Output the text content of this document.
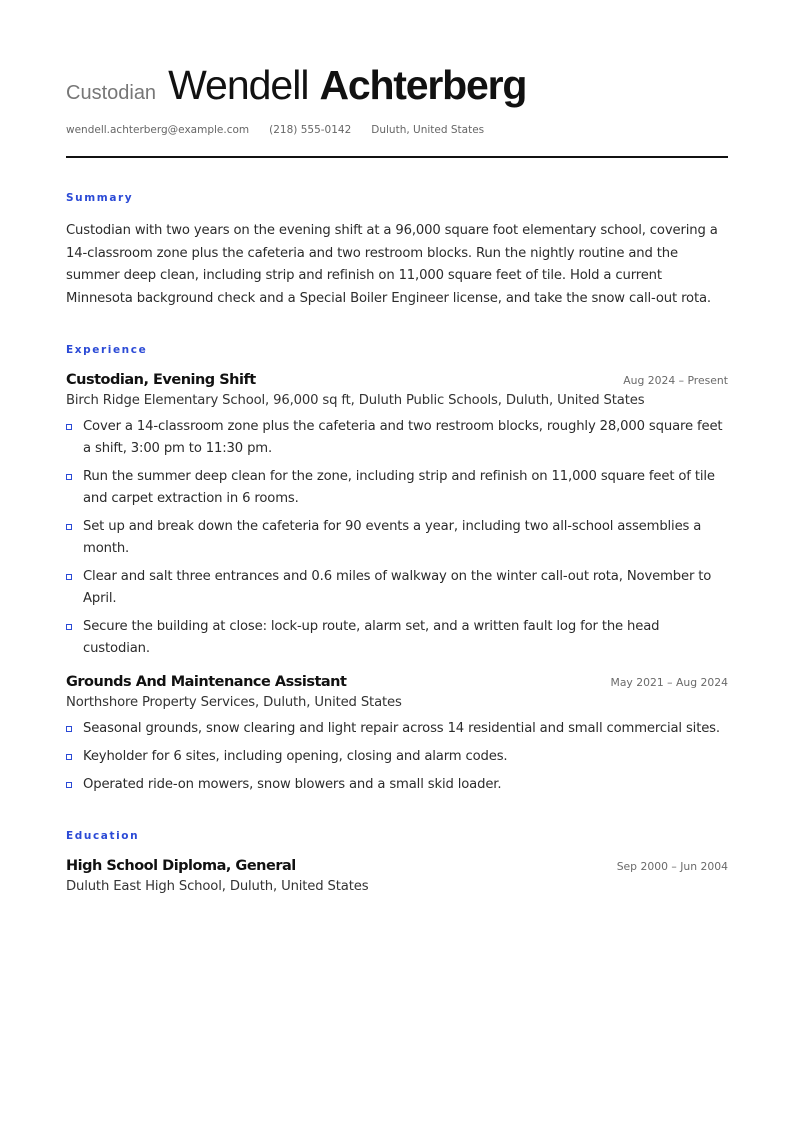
Custodian Wendell Achterberg
wendell.achterberg@example.com (218) 555-0142 Duluth, United States
Summary

Custodian with two years on the evening shift at a 96,000 square foot elementary school, covering a 14-classroom zone plus the cafeteria and two restroom blocks. Run the nightly routine and the summer deep clean, including strip and refinish on 11,000 square feet of tile. Hold a current Minnesota background check and a Special Boiler Engineer license, and take the snow call-out rota.

Experience
Custodian, Evening Shift	Aug 2024 – Present
Birch Ridge Elementary School, 96,000 sq ft, Duluth Public Schools, Duluth, United States
Cover a 14-classroom zone plus the cafeteria and two restroom blocks, roughly 28,000 square feet a shift, 3:00 pm to 11:30 pm.
Run the summer deep clean for the zone, including strip and refinish on 11,000 square feet of tile and carpet extraction in 6 rooms.
Set up and break down the cafeteria for 90 events a year, including two all-school assemblies a month.
Clear and salt three entrances and 0.6 miles of walkway on the winter call-out rota, November to April.
Secure the building at close: lock-up route, alarm set, and a written fault log for the head custodian.
Grounds And Maintenance Assistant	May 2021 – Aug 2024
Northshore Property Services, Duluth, United States
Seasonal grounds, snow clearing and light repair across 14 residential and small commercial sites.
Keyholder for 6 sites, including opening, closing and alarm codes.
Operated ride-on mowers, snow blowers and a small skid loader.
Education
High School Diploma, General	Sep 2000 – Jun 2004
Duluth East High School, Duluth, United States
